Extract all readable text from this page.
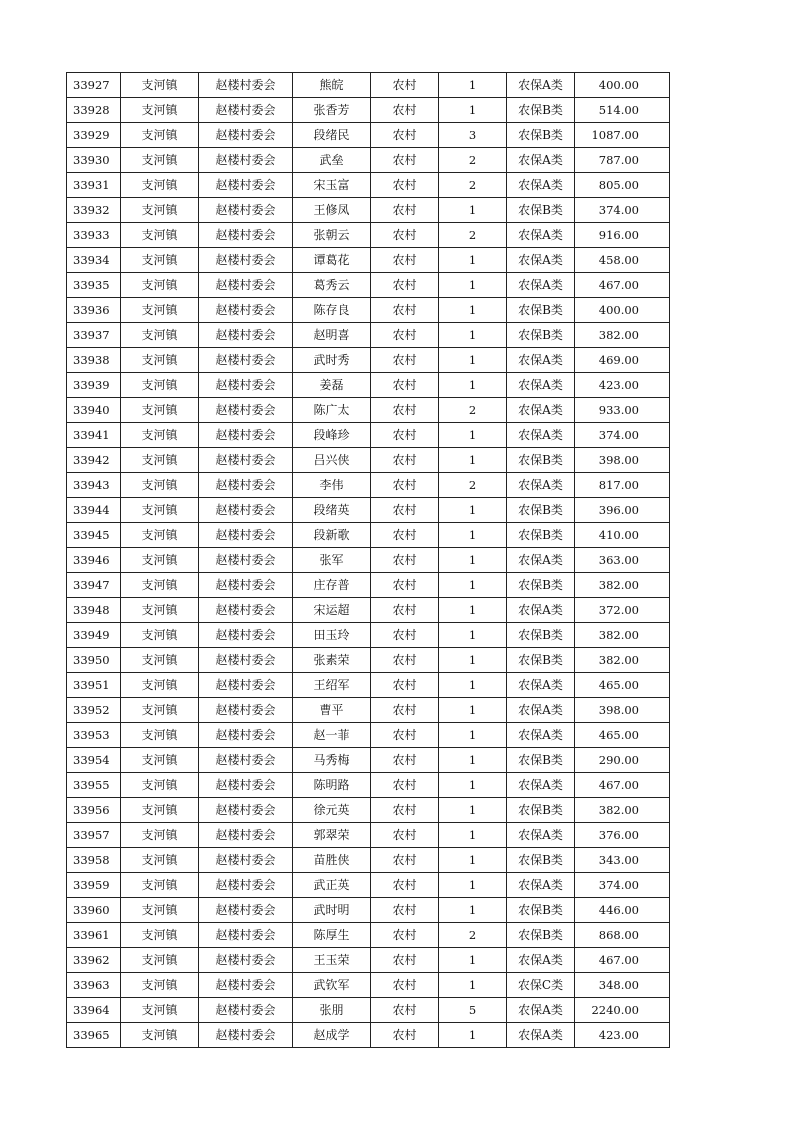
33927	支河镇	赵楼村委会	熊皖	农村	1	农保A类	400.00
33928	支河镇	赵楼村委会	张香芳	农村	1	农保B类	514.00
33929	支河镇	赵楼村委会	段绪民	农村	3	农保B类	1087.00
33930	支河镇	赵楼村委会	武垒	农村	2	农保A类	787.00
33931	支河镇	赵楼村委会	宋玉富	农村	2	农保A类	805.00
33932	支河镇	赵楼村委会	王修凤	农村	1	农保B类	374.00
33933	支河镇	赵楼村委会	张朝云	农村	2	农保A类	916.00
33934	支河镇	赵楼村委会	谭葛花	农村	1	农保A类	458.00
33935	支河镇	赵楼村委会	葛秀云	农村	1	农保A类	467.00
33936	支河镇	赵楼村委会	陈存良	农村	1	农保B类	400.00
33937	支河镇	赵楼村委会	赵明喜	农村	1	农保B类	382.00
33938	支河镇	赵楼村委会	武时秀	农村	1	农保A类	469.00
33939	支河镇	赵楼村委会	姜磊	农村	1	农保A类	423.00
33940	支河镇	赵楼村委会	陈广太	农村	2	农保A类	933.00
33941	支河镇	赵楼村委会	段峰珍	农村	1	农保A类	374.00
33942	支河镇	赵楼村委会	吕兴侠	农村	1	农保B类	398.00
33943	支河镇	赵楼村委会	李伟	农村	2	农保A类	817.00
33944	支河镇	赵楼村委会	段绪英	农村	1	农保B类	396.00
33945	支河镇	赵楼村委会	段新歌	农村	1	农保B类	410.00
33946	支河镇	赵楼村委会	张军	农村	1	农保A类	363.00
33947	支河镇	赵楼村委会	庄存普	农村	1	农保B类	382.00
33948	支河镇	赵楼村委会	宋运超	农村	1	农保A类	372.00
33949	支河镇	赵楼村委会	田玉玲	农村	1	农保B类	382.00
33950	支河镇	赵楼村委会	张素荣	农村	1	农保B类	382.00
33951	支河镇	赵楼村委会	王绍军	农村	1	农保A类	465.00
33952	支河镇	赵楼村委会	曹平	农村	1	农保A类	398.00
33953	支河镇	赵楼村委会	赵一菲	农村	1	农保A类	465.00
33954	支河镇	赵楼村委会	马秀梅	农村	1	农保B类	290.00
33955	支河镇	赵楼村委会	陈明路	农村	1	农保A类	467.00
33956	支河镇	赵楼村委会	徐元英	农村	1	农保B类	382.00
33957	支河镇	赵楼村委会	郭翠荣	农村	1	农保A类	376.00
33958	支河镇	赵楼村委会	苗胜侠	农村	1	农保B类	343.00
33959	支河镇	赵楼村委会	武正英	农村	1	农保A类	374.00
33960	支河镇	赵楼村委会	武时明	农村	1	农保B类	446.00
33961	支河镇	赵楼村委会	陈厚生	农村	2	农保B类	868.00
33962	支河镇	赵楼村委会	王玉荣	农村	1	农保A类	467.00
33963	支河镇	赵楼村委会	武钦军	农村	1	农保C类	348.00
33964	支河镇	赵楼村委会	张朋	农村	5	农保A类	2240.00
33965	支河镇	赵楼村委会	赵成学	农村	1	农保A类	423.00
